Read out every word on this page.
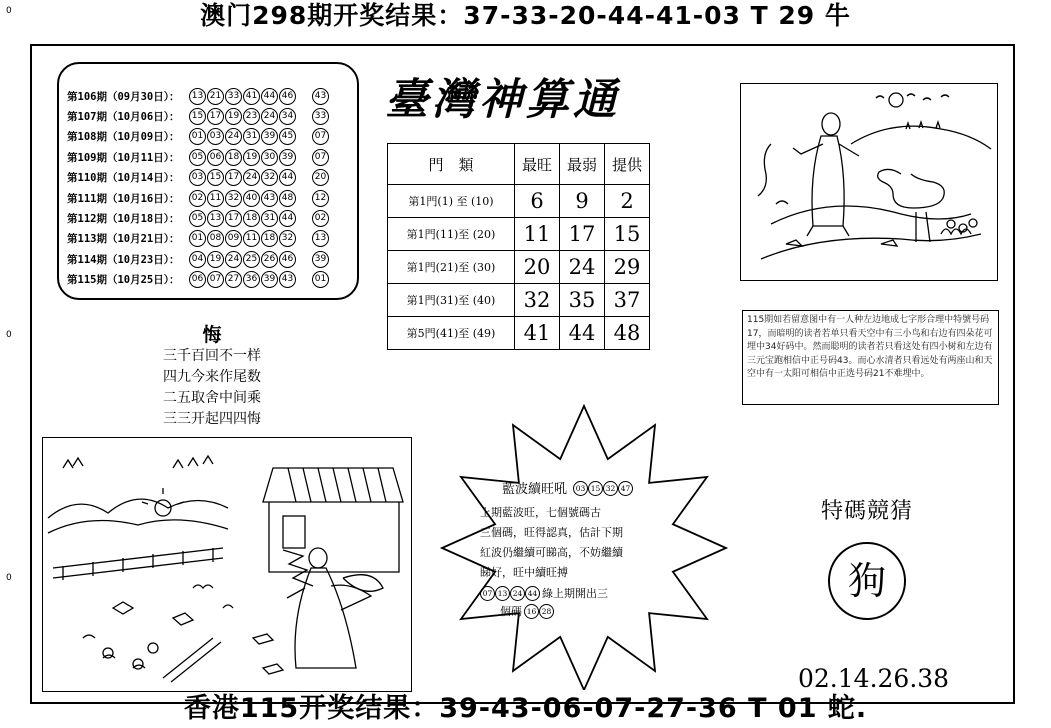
澳门298期开奖结果：37-33-20-44-41-03 T 29 牛
香港115开奖结果：39-43-06-07-27-36 T 01 蛇.
0
0
0
第106期（09月30日）：	13 21 33 41 44 46	43
第107期（10月06日）：	15 17 19 23 24 34	33
第108期（10月09日）：	01 03 24 31 39 45	07
第109期（10月11日）：	05 06 18 19 30 39	07
第110期（10月14日）：	03 15 17 24 32 44	20
第111期（10月16日）：	02 11 32 40 43 48	12
第112期（10月18日）：	05 13 17 18 31 44	02
第113期（10月21日）：	01 08 09 11 18 32	13
第114期（10月23日）：	04 19 24 25 26 46	39
第115期（10月25日）：	06 07 27 36 39 43	01
臺灣神算通
門　類	最旺	最弱	提供
第1門(1) 至 (10)	6	9	2
第1門(11)至 (20)	11	17	15
第1門(21)至 (30)	20	24	29
第1門(31)至 (40)	32	35	37
第5門(41)至 (49)	41	44	48
悔
三千百回不一样
四九今来作尾数
二五取舍中间乘
三三开起四四悔
115期如若留意图中有一人种左边地成七字形合理中特號号码17，而暗明的读者若单只看天空中有三小鸟和右边有四朵花可埋中34好码中。然而聪明的读者若只看这处有四小树和左边有三元宝跑相信中正号码43。而心水清者只看远处有两座山和天空中有一太阳可相信中正选号码21不难埋中。
藍波續旺吼	03 15 32 47
上期藍波旺，七個號碼古
三個碼，旺得認真，估計下期
紅波仍繼續可睇高，不妨繼續
睇好，旺中續旺搏
07 13 24 44 綠上期開出三
個碼 16 28
特碼競猜
狗
02.14.26.38
